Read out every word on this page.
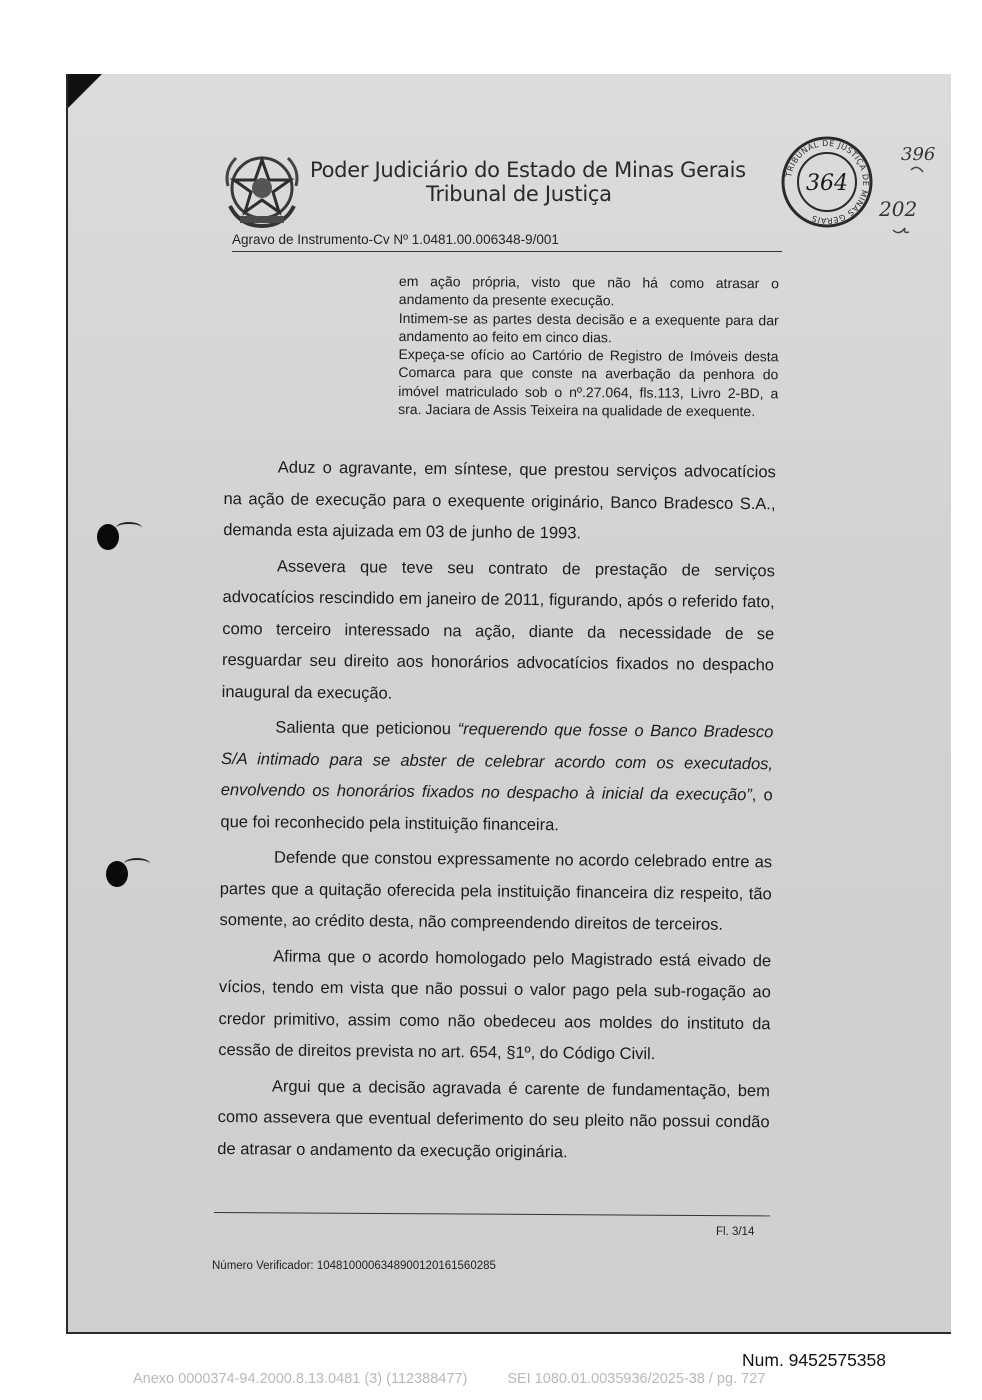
Poder Judiciário do Estado de Minas Gerais
Tribunal de Justiça
Agravo de Instrumento-Cv Nº 1.0481.00.006348-9/001
TRIBUNAL DE JUSTIÇA DE MINAS GERAIS
364
396
202

em ação própria, visto que não há como atrasar o andamento da presente execução.

Intimem-se as partes desta decisão e a exequente para dar andamento ao feito em cinco dias.

Expeça-se ofício ao Cartório de Registro de Imóveis desta Comarca para que conste na averbação da penhora do imóvel matriculado sob o nº.27.064, fls.113, Livro 2-BD, a sra. Jaciara de Assis Teixeira na qualidade de exequente.

Aduz o agravante, em síntese, que prestou serviços advocatícios na ação de execução para o exequente originário, Banco Bradesco S.A., demanda esta ajuizada em 03 de junho de 1993.

Assevera que teve seu contrato de prestação de serviços advocatícios rescindido em janeiro de 2011, figurando, após o referido fato, como terceiro interessado na ação, diante da necessidade de se resguardar seu direito aos honorários advocatícios fixados no despacho inaugural da execução.

Salienta que peticionou “requerendo que fosse o Banco Bradesco S/A intimado para se abster de celebrar acordo com os executados, envolvendo os honorários fixados no despacho à inicial da execução”, o que foi reconhecido pela instituição financeira.

Defende que constou expressamente no acordo celebrado entre as partes que a quitação oferecida pela instituição financeira diz respeito, tão somente, ao crédito desta, não compreendendo direitos de terceiros.

Afirma que o acordo homologado pelo Magistrado está eivado de vícios, tendo em vista que não possui o valor pago pela sub-rogação ao credor primitivo, assim como não obedeceu aos moldes do instituto da cessão de direitos prevista no art. 654, §1º, do Código Civil.

Argui que a decisão agravada é carente de fundamentação, bem como assevera que eventual deferimento do seu pleito não possui condão de atrasar o andamento da execução originária.

Fl. 3/14
Número Verificador: 1048100006348900120161560285
Num. 9452575358
Anexo 0000374-94.2000.8.13.0481 (3) (112388477)	SEI 1080.01.0035936/2025-38 / pg. 727
